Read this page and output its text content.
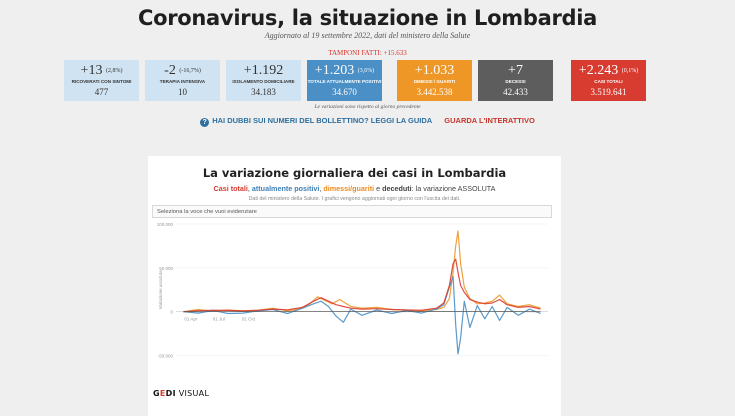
Coronavirus, la situazione in Lombardia
Aggiornato al 19 settembre 2022, dati del ministero della Salute
TAMPONI FATTI: +15.633
+13 (2,8%)
RICOVERATI CON SINTOMI
477
-2 (-16,7%)
TERAPIA INTENSIVA
10
+1.192
ISOLAMENTO DOMICILIARE
34.183
+1.203 (3,6%)
TOTALE ATTUALMENTE POSITIVI
34.670
+1.033
DIMESSI / GUARITI
3.442.538
+7
DECESSI
42.433
+2.243 (0,1%)
CASI TOTALI
3.519.641
Le variazioni sono rispetto al giorno precedente
? HAI DUBBI SUI NUMERI DEL BOLLETTINO? LEGGI LA GUIDA GUARDA L'INTERATTIVO
La variazione giornaliera dei casi in Lombardia
Casi totali, attualmente positivi, dimessi/guariti e deceduti: la variazione ASSOLUTA
Dati del ministero della Salute. I grafici vengono aggiornati ogni giorno con l'uscita dei dati.
Seleziona la voce che vuoi evidenziare
100.000
50.000
0
-50.000
Variazione assoluta
01 Apr	01 Jul	01 Oct
GEDI VISUAL
